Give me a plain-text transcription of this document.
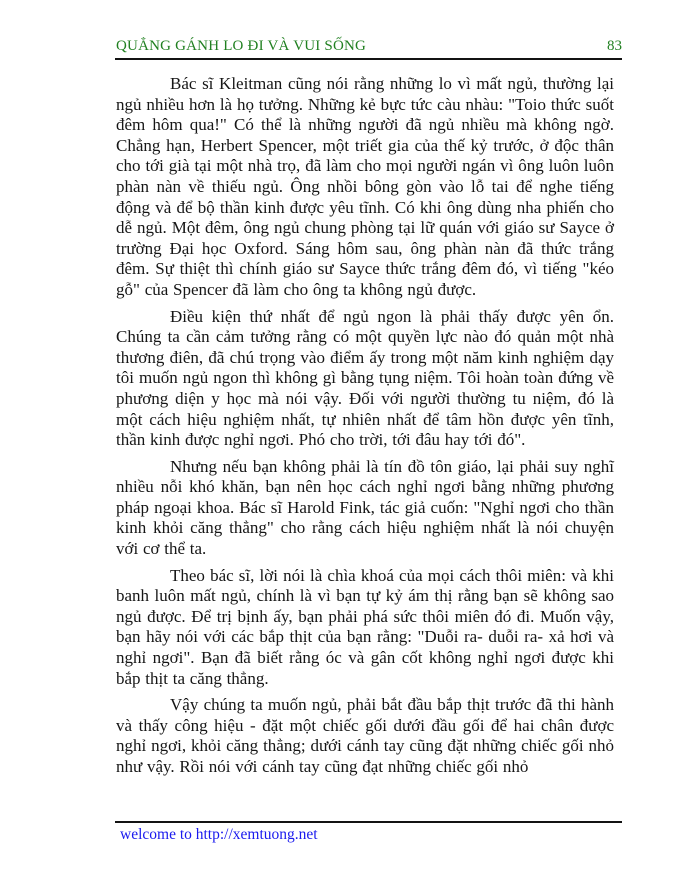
QUẲNG GÁNH LO ĐI VÀ VUI SỐNG	83

Bác sĩ Kleitman cũng nói rằng những lo vì mất ngủ, thường lại ngủ nhiều hơn là họ tưởng. Những kẻ bực tức càu nhàu: "Toio thức suốt đêm hôm qua!" Có thể là những người đã ngủ nhiều mà không ngờ. Chẳng hạn, Herbert Spencer, một triết gia của thế kỷ trước, ở độc thân cho tới già tại một nhà trọ, đã làm cho mọi người ngán vì ông luôn luôn phàn nàn về thiếu ngủ. Ông nhồi bông gòn vào lỗ tai để nghe tiếng động và để bộ thần kinh được yêu tĩnh. Có khi ông dùng nha phiến cho dễ ngủ. Một đêm, ông ngủ chung phòng tại lữ quán với giáo sư Sayce ở trường Đại học Oxford. Sáng hôm sau, ông phàn nàn đã thức trắng đêm. Sự thiệt thì chính giáo sư Sayce thức trắng đêm đó, vì tiếng "kéo gỗ" của Spencer đã làm cho ông ta không ngủ được.

Điều kiện thứ nhất để ngủ ngon là phải thấy được yên ổn. Chúng ta cần cảm tưởng rằng có một quyền lực nào đó quản một nhà thương điên, đã chú trọng vào điểm ấy trong một năm kinh nghiệm dạy tôi muốn ngủ ngon thì không gì bằng tụng niệm. Tôi hoàn toàn đứng về phương diện y học mà nói vậy. Đối với người thường tu niệm, đó là một cách hiệu nghiệm nhất, tự nhiên nhất để tâm hồn được yên tĩnh, thần kinh được nghỉ ngơi. Phó cho trời, tới đâu hay tới đó".

Nhưng nếu bạn không phải là tín đồ tôn giáo, lại phải suy nghĩ nhiều nỗi khó khăn, bạn nên học cách nghỉ ngơi bằng những phương pháp ngoại khoa. Bác sĩ Harold Fink, tác giả cuốn: "Nghỉ ngơi cho thần kinh khỏi căng thẳng" cho rằng cách hiệu nghiệm nhất là nói chuyện với cơ thể ta.

Theo bác sĩ, lời nói là chìa khoá của mọi cách thôi miên: và khi banh luôn mất ngủ, chính là vì bạn tự kỷ ám thị rằng bạn sẽ không sao ngủ được. Để trị bịnh ấy, bạn phải phá sức thôi miên đó đi. Muốn vậy, bạn hãy nói với các bắp thịt của bạn rằng: "Duỗi ra- duỗi ra- xả hơi và nghỉ ngơi". Bạn đã biết rằng óc và gân cốt không nghỉ ngơi được khi bắp thịt ta căng thẳng.

Vậy chúng ta muốn ngủ, phải bắt đầu bắp thịt trước đã thi hành và thấy công hiệu - đặt một chiếc gối dưới đầu gối để hai chân được nghỉ ngơi, khỏi căng thẳng; dưới cánh tay cũng đặt những chiếc gối nhỏ như vậy. Rồi nói với cánh tay cũng đạt những chiếc gối nhỏ

welcome to http://xemtuong.net
